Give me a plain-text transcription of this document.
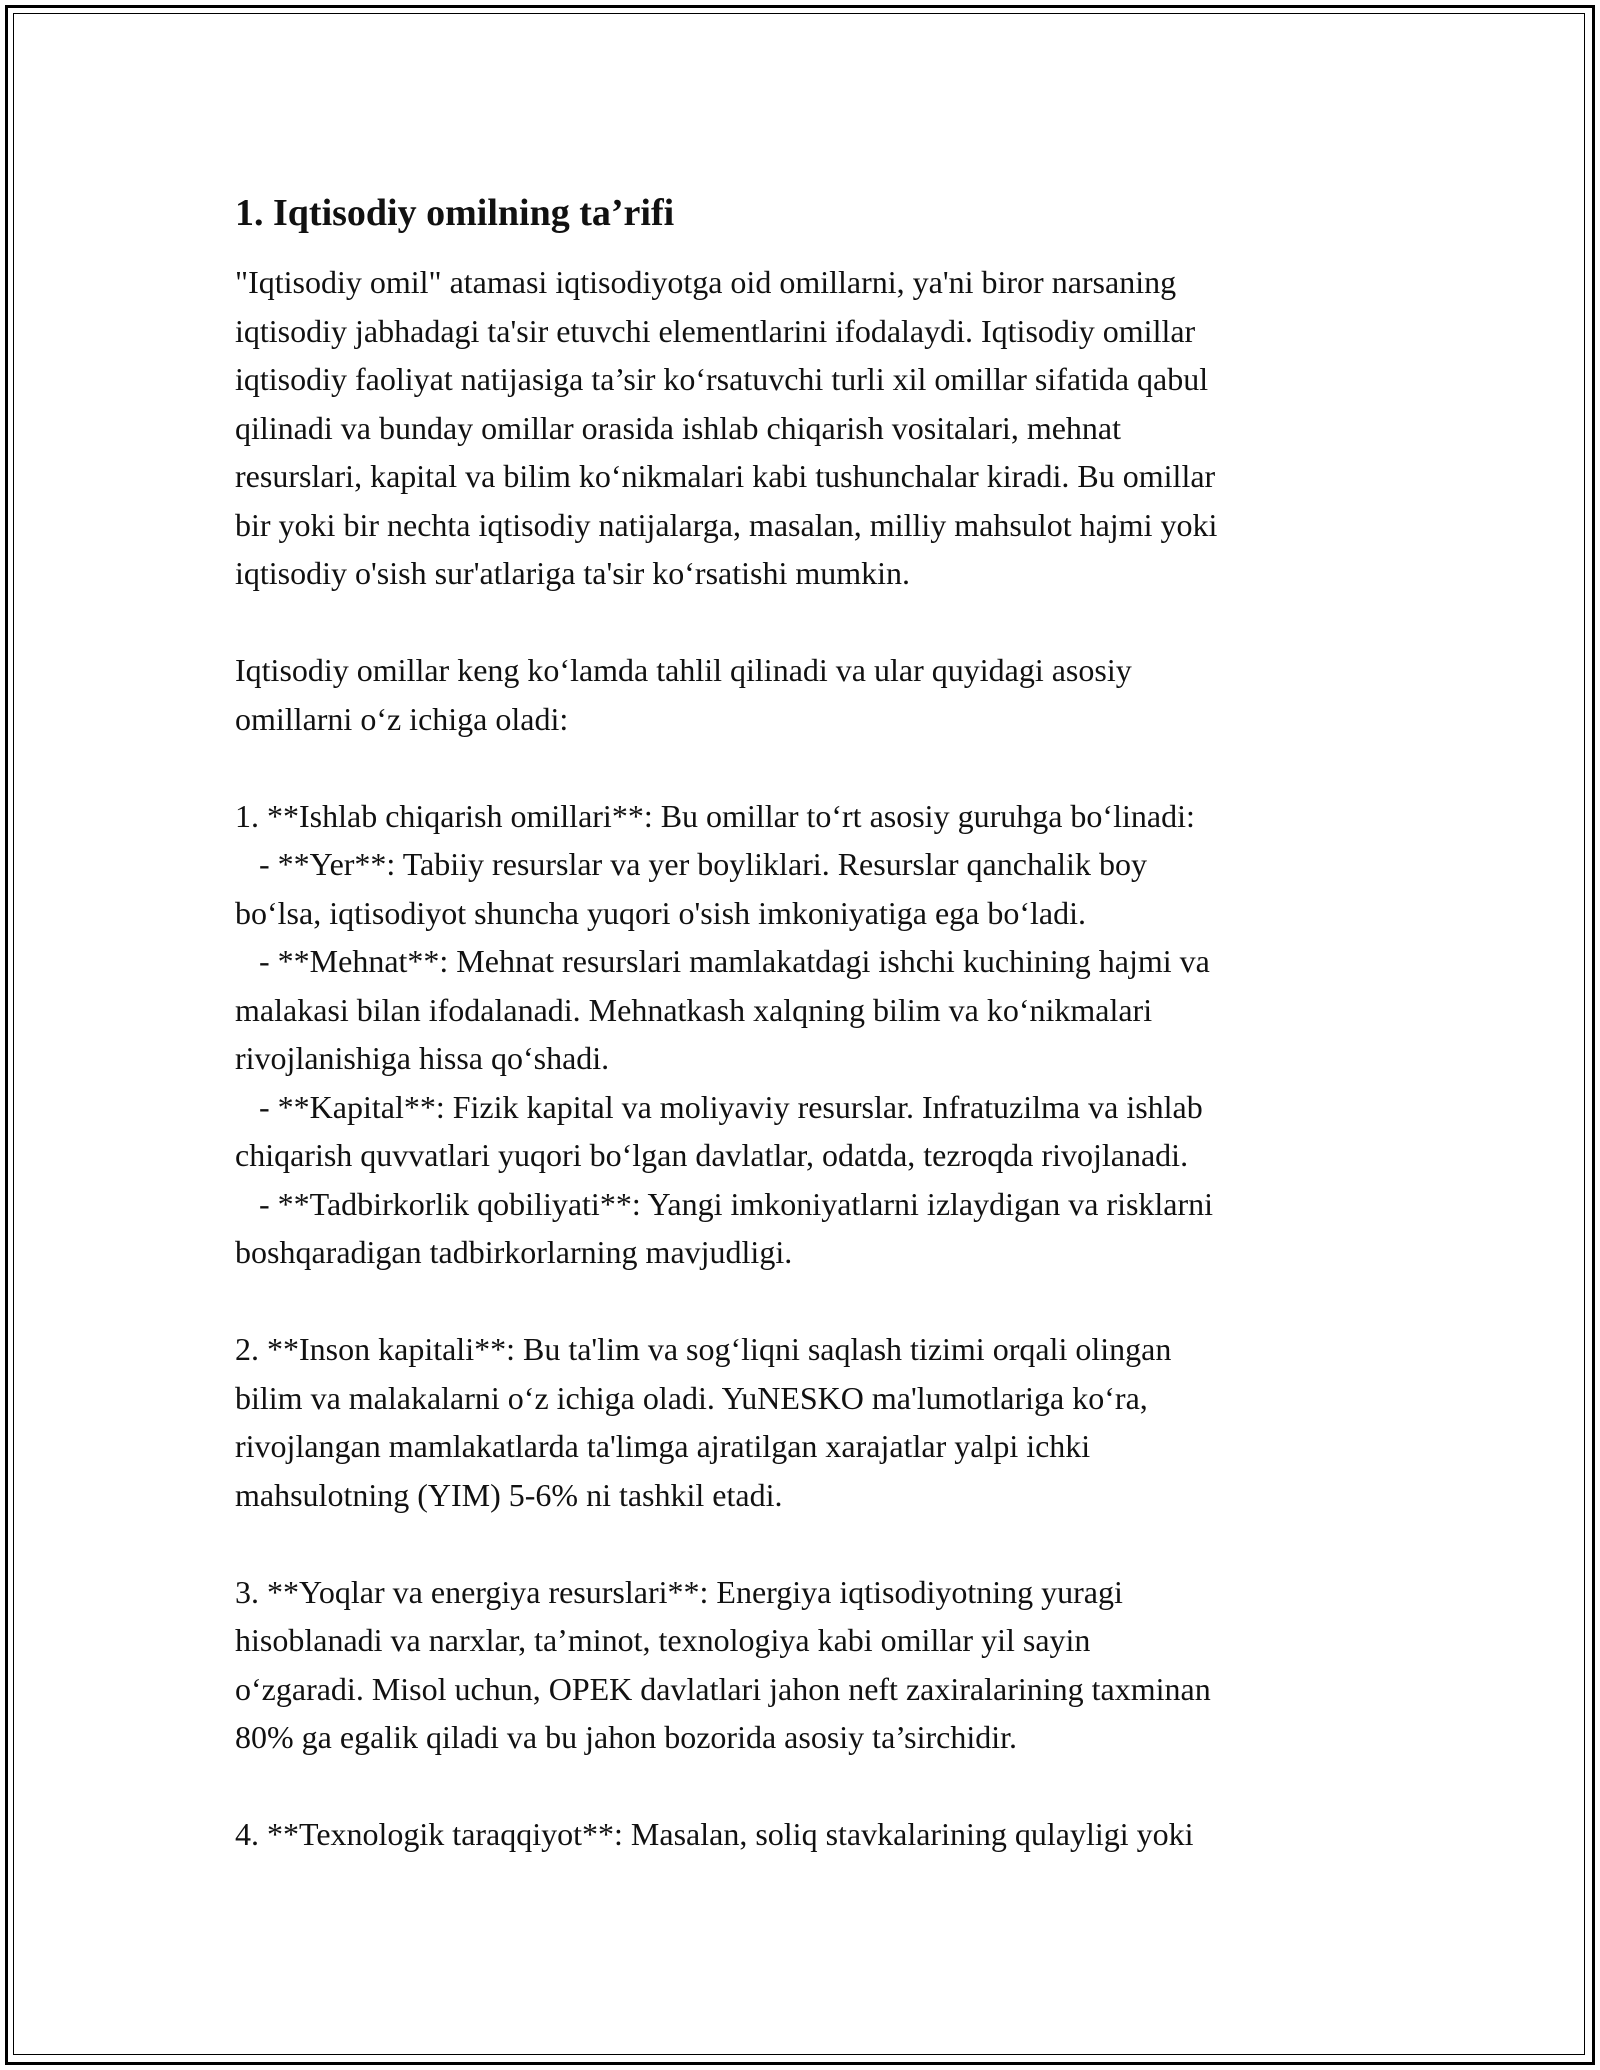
1. Iqtisodiy omilning ta’rifi
"Iqtisodiy omil" atamasi iqtisodiyotga oid omillarni, ya'ni biror narsaning
iqtisodiy jabhadagi ta'sir etuvchi elementlarini ifodalaydi. Iqtisodiy omillar
iqtisodiy faoliyat natijasiga ta’sir ko‘rsatuvchi turli xil omillar sifatida qabul
qilinadi va bunday omillar orasida ishlab chiqarish vositalari, mehnat
resurslari, kapital va bilim ko‘nikmalari kabi tushunchalar kiradi. Bu omillar
bir yoki bir nechta iqtisodiy natijalarga, masalan, milliy mahsulot hajmi yoki
iqtisodiy o'sish sur'atlariga ta'sir ko‘rsatishi mumkin.
Iqtisodiy omillar keng ko‘lamda tahlil qilinadi va ular quyidagi asosiy
omillarni o‘z ichiga oladi:
1. **Ishlab chiqarish omillari**: Bu omillar to‘rt asosiy guruhga bo‘linadi:
- **Yer**: Tabiiy resurslar va yer boyliklari. Resurslar qanchalik boy
bo‘lsa, iqtisodiyot shuncha yuqori o'sish imkoniyatiga ega bo‘ladi.
- **Mehnat**: Mehnat resurslari mamlakatdagi ishchi kuchining hajmi va
malakasi bilan ifodalanadi. Mehnatkash xalqning bilim va ko‘nikmalari
rivojlanishiga hissa qo‘shadi.
- **Kapital**: Fizik kapital va moliyaviy resurslar. Infratuzilma va ishlab
chiqarish quvvatlari yuqori bo‘lgan davlatlar, odatda, tezroqda rivojlanadi.
- **Tadbirkorlik qobiliyati**: Yangi imkoniyatlarni izlaydigan va risklarni
boshqaradigan tadbirkorlarning mavjudligi.
2. **Inson kapitali**: Bu ta'lim va sog‘liqni saqlash tizimi orqali olingan
bilim va malakalarni o‘z ichiga oladi. YuNESKO ma'lumotlariga ko‘ra,
rivojlangan mamlakatlarda ta'limga ajratilgan xarajatlar yalpi ichki
mahsulotning (YIM) 5-6% ni tashkil etadi.
3. **Yoqlar va energiya resurslari**: Energiya iqtisodiyotning yuragi
hisoblanadi va narxlar, ta’minot, texnologiya kabi omillar yil sayin
o‘zgaradi. Misol uchun, OPEK davlatlari jahon neft zaxiralarining taxminan
80% ga egalik qiladi va bu jahon bozorida asosiy ta’sirchidir.
4. **Texnologik taraqqiyot**: Masalan, soliq stavkalarining qulayligi yoki
